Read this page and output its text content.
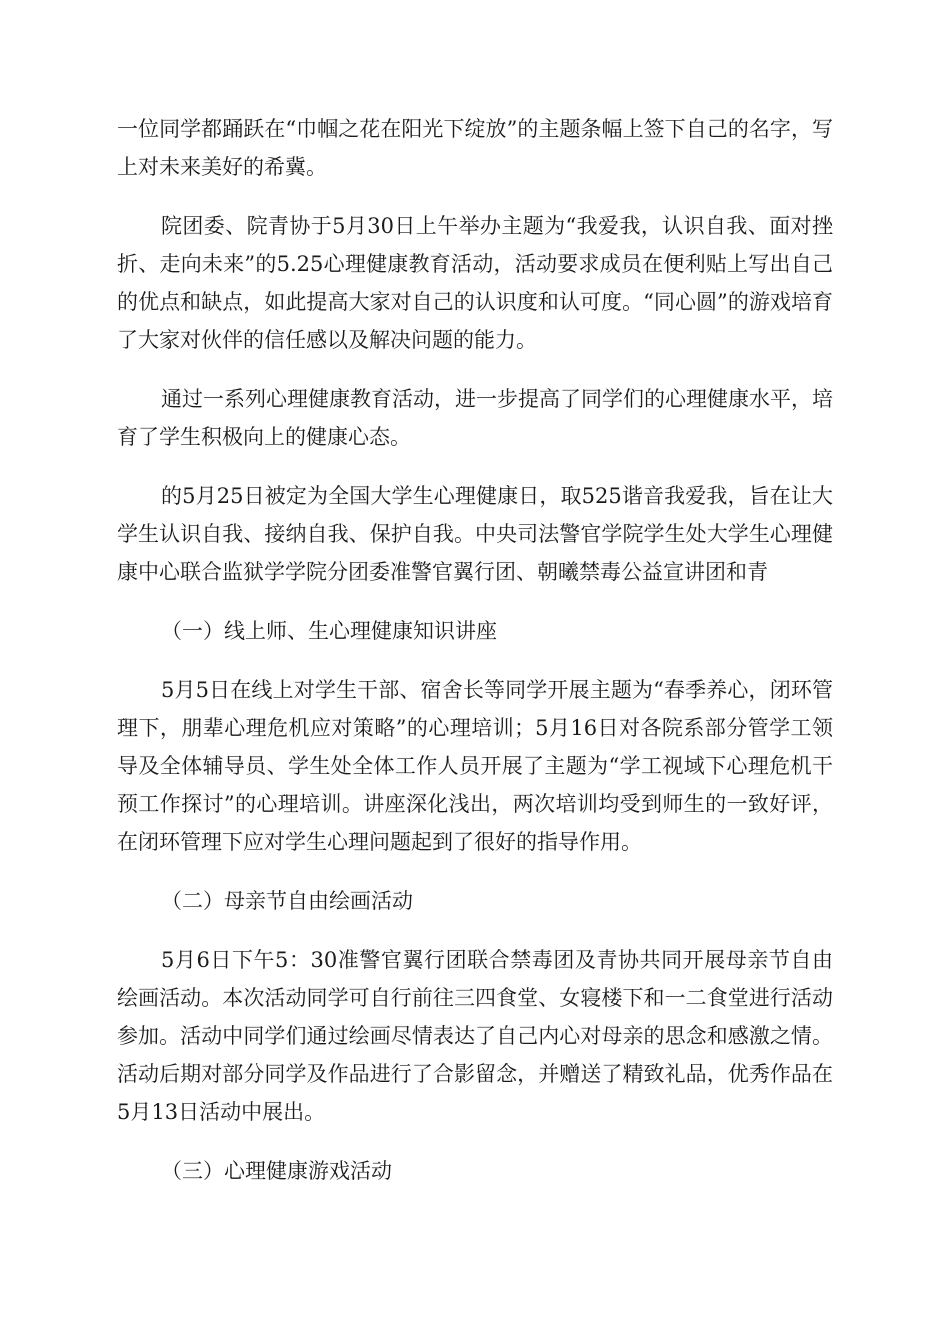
一位同学都踊跃在“巾帼之花在阳光下绽放”的主题条幅上签下自己的名字，写上对未来美好的希冀。

院团委、院青协于5月30日上午举办主题为“我爱我，认识自我、面对挫折、走向未来”的5.25心理健康教育活动，活动要求成员在便利贴上写出自己的优点和缺点，如此提高大家对自己的认识度和认可度。“同心圆”的游戏培育了大家对伙伴的信任感以及解决问题的能力。

通过一系列心理健康教育活动，进一步提高了同学们的心理健康水平，培育了学生积极向上的健康心态。

的5月25日被定为全国大学生心理健康日，取525谐音我爱我，旨在让大学生认识自我、接纳自我、保护自我。中央司法警官学院学生处大学生心理健康中心联合监狱学学院分团委准警官翼行团、朝曦禁毒公益宣讲团和青

（一）线上师、生心理健康知识讲座

5月5日在线上对学生干部、宿舍长等同学开展主题为“春季养心，闭环管理下，朋辈心理危机应对策略”的心理培训；5月16日对各院系部分管学工领导及全体辅导员、学生处全体工作人员开展了主题为“学工视域下心理危机干预工作探讨”的心理培训。讲座深化浅出，两次培训均受到师生的一致好评，在闭环管理下应对学生心理问题起到了很好的指导作用。

（二）母亲节自由绘画活动

5月6日下午5：30准警官翼行团联合禁毒团及青协共同开展母亲节自由绘画活动。本次活动同学可自行前往三四食堂、女寝楼下和一二食堂进行活动参加。活动中同学们通过绘画尽情表达了自己内心对母亲的思念和感激之情。活动后期对部分同学及作品进行了合影留念，并赠送了精致礼品，优秀作品在5月13日活动中展出。

（三）心理健康游戏活动
